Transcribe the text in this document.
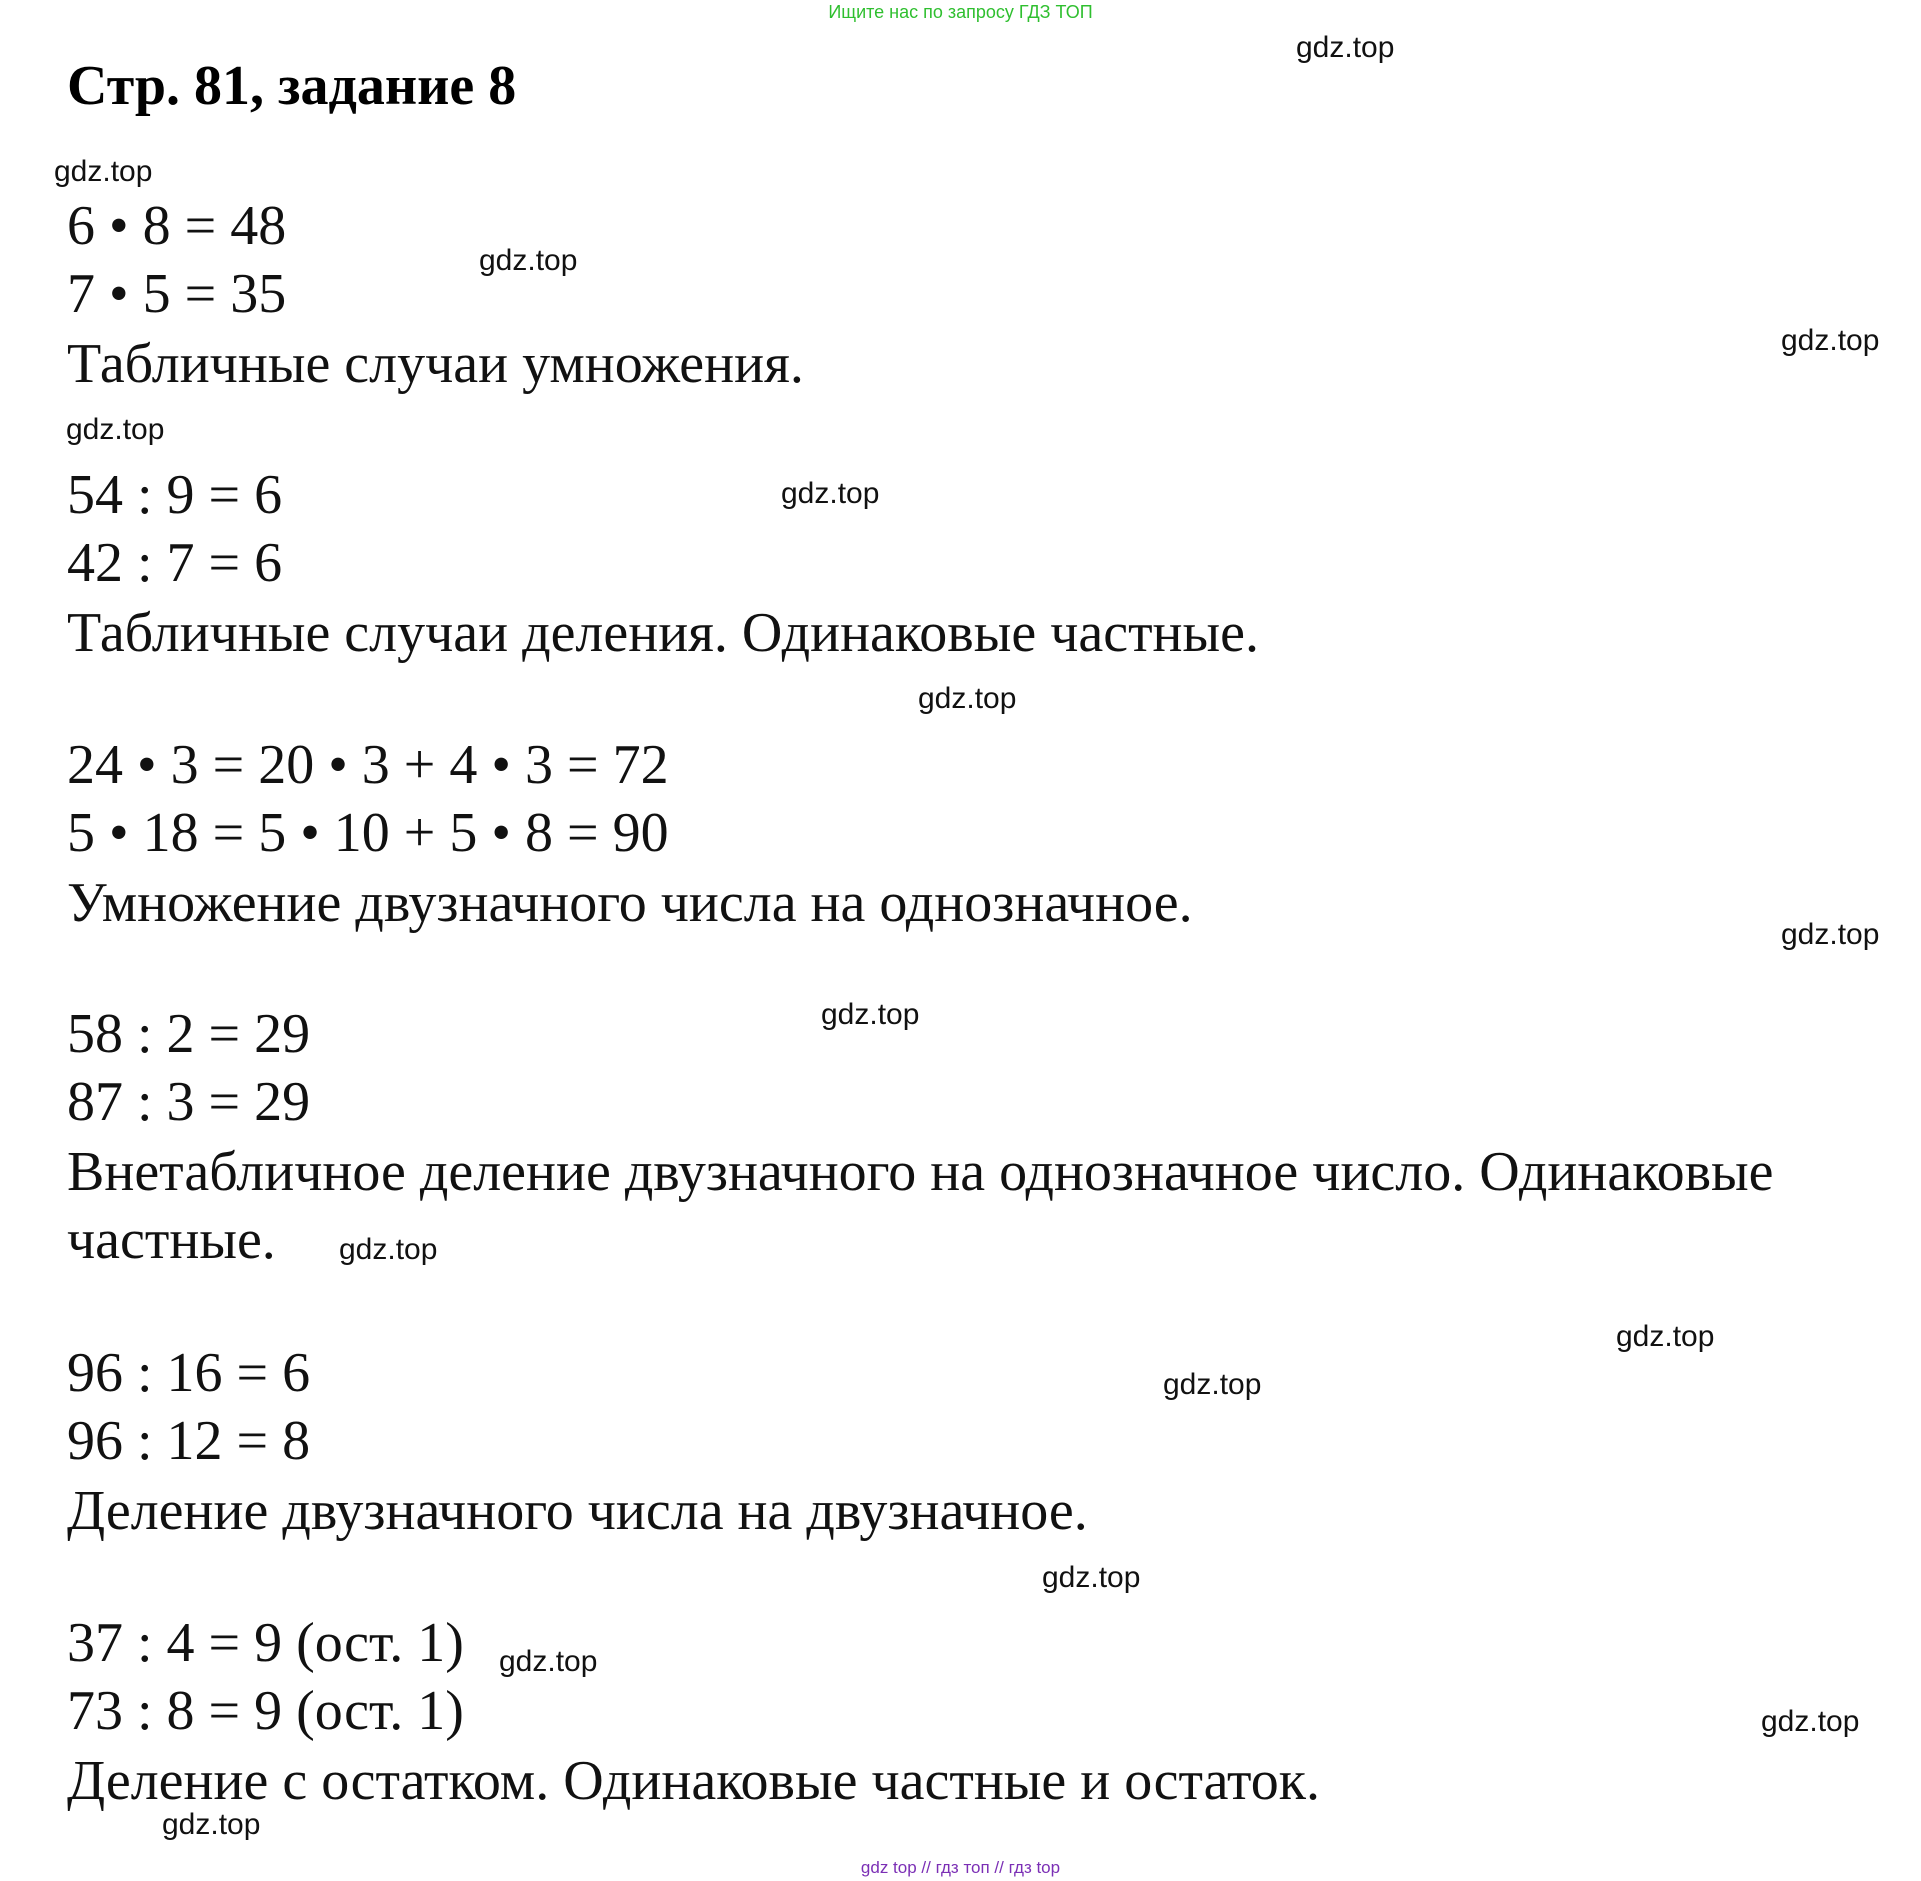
Ищите нас по запросу ГДЗ ТОП
Стр. 81, задание 8
6 • 8 = 48
7 • 5 = 35
Табличные случаи умножения.
54 : 9 = 6
42 : 7 = 6
Табличные случаи деления. Одинаковые частные.
24 • 3 = 20 • 3 + 4 • 3 = 72
5 • 18 = 5 • 10 + 5 • 8 = 90
Умножение двузначного числа на однозначное.
58 : 2 = 29
87 : 3 = 29
Внетабличное деление двузначного на однозначное число. Одинаковые
частные.
96 : 16 = 6
96 : 12 = 8
Деление двузначного числа на двузначное.
37 : 4 = 9 (ост. 1)
73 : 8 = 9 (ост. 1)
Деление с остатком. Одинаковые частные и остаток.
gdz.top
gdz.top
gdz.top
gdz.top
gdz.top
gdz.top
gdz.top
gdz.top
gdz.top
gdz.top
gdz.top
gdz.top
gdz.top
gdz.top
gdz.top
gdz.top
gdz top // гдз топ // гдз top
